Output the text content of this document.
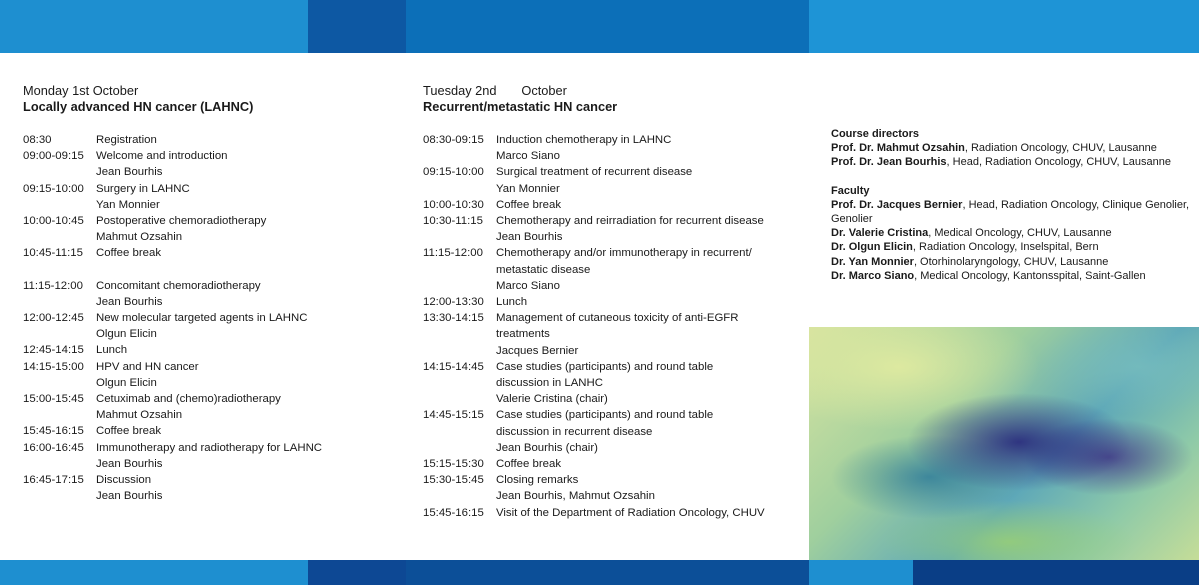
Monday 1st October
Locally advanced HN cancer (LAHNC)
08:30	Registration
09:00-09:15	Welcome and introduction
Jean Bourhis
09:15-10:00	Surgery in LAHNC
Yan Monnier
10:00-10:45	Postoperative chemoradiotherapy
Mahmut Ozsahin
10:45-11:15	Coffee break
11:15-12:00	Concomitant chemoradiotherapy
Jean Bourhis
12:00-12:45	New molecular targeted agents in LAHNC
Olgun Elicin
12:45-14:15	Lunch
14:15-15:00	HPV and HN cancer
Olgun Elicin
15:00-15:45	Cetuximab and (chemo)radiotherapy
Mahmut Ozsahin
15:45-16:15	Coffee break
16:00-16:45	Immunotherapy and radiotherapy for LAHNC
Jean Bourhis
16:45-17:15	Discussion
Jean Bourhis
Tuesday 2nd       October
Recurrent/metastatic HN cancer
08:30-09:15	Induction chemotherapy in LAHNC
Marco Siano
09:15-10:00	Surgical treatment of recurrent disease
Yan Monnier
10:00-10:30	Coffee break
10:30-11:15	Chemotherapy and reirradiation for recurrent disease
Jean Bourhis
11:15-12:00	Chemotherapy and/or immunotherapy in recurrent/
metastatic disease
Marco Siano
12:00-13:30	Lunch
13:30-14:15	Management of cutaneous toxicity of anti-EGFR
treatments
Jacques Bernier
14:15-14:45	Case studies (participants) and round table
discussion in LANHC
Valerie Cristina (chair)
14:45-15:15	Case studies (participants) and round table
discussion in recurrent disease
Jean Bourhis (chair)
15:15-15:30	Coffee break
15:30-15:45	Closing remarks
Jean Bourhis, Mahmut Ozsahin
15:45-16:15	Visit of the Department of Radiation Oncology, CHUV
Course directors
Prof. Dr. Mahmut Ozsahin, Radiation Oncology, CHUV, Lausanne
Prof. Dr. Jean Bourhis, Head, Radiation Oncology, CHUV, Lausanne
Faculty
Prof. Dr. Jacques Bernier, Head, Radiation Oncology, Clinique Genolier, Genolier
Dr. Valerie Cristina, Medical Oncology, CHUV, Lausanne
Dr. Olgun Elicin, Radiation Oncology, Inselspital, Bern
Dr. Yan Monnier, Otorhinolaryngology, CHUV, Lausanne
Dr. Marco Siano, Medical Oncology, Kantonsspital, Saint-Gallen
